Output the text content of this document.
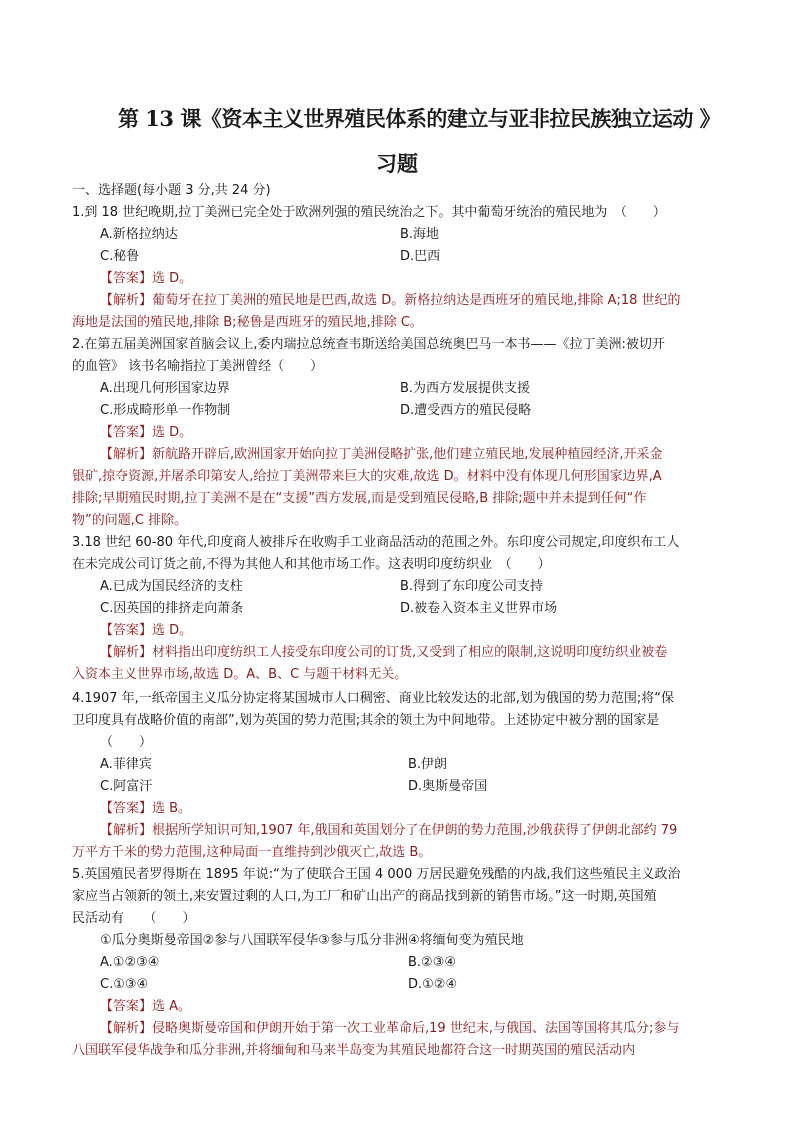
第 13 课《资本主义世界殖民体系的建立与亚非拉民族独立运动 》
习题
一、选择题(每小题 3 分,共 24 分)
1.到 18 世纪晚期,拉丁美洲已完全处于欧洲列强的殖民统治之下。其中葡萄牙统治的殖民地为　（　　）
A.新格拉纳达	B.海地
C.秘鲁	D.巴西
【答案】选 D。
【解析】葡萄牙在拉丁美洲的殖民地是巴西,故选 D。新格拉纳达是西班牙的殖民地,排除 A;18 世纪的
海地是法国的殖民地,排除 B;秘鲁是西班牙的殖民地,排除 C。
2.在第五届美洲国家首脑会议上,委内瑞拉总统查韦斯送给美国总统奥巴马一本书——《拉丁美洲:被切开
的血管》 该书名喻指拉丁美洲曾经（　　）
A.出现几何形国家边界	B.为西方发展提供支援
C.形成畸形单一作物制	D.遭受西方的殖民侵略
【答案】选 D。
【解析】新航路开辟后,欧洲国家开始向拉丁美洲侵略扩张,他们建立殖民地,发展种植园经济,开采金
银矿,掠夺资源,并屠杀印第安人,给拉丁美洲带来巨大的灾难,故选 D。材料中没有体现几何形国家边界,A
排除;早期殖民时期,拉丁美洲不是在“支援”西方发展,而是受到殖民侵略,B 排除;题中并未提到任何“作
物”的问题,C 排除。
3.18 世纪 60-80 年代,印度商人被排斥在收购手工业商品活动的范围之外。东印度公司规定,印度织布工人
在未完成公司订货之前,不得为其他人和其他市场工作。这表明印度纺织业　（　　）
A.已成为国民经济的支柱	B.得到了东印度公司支持
C.因英国的排挤走向萧条	D.被卷入资本主义世界市场
【答案】选 D。
【解析】材料指出印度纺织工人接受东印度公司的订货,又受到了相应的限制,这说明印度纺织业被卷
入资本主义世界市场,故选 D。A、B、C 与题干材料无关。
4.1907 年,一纸帝国主义瓜分协定将某国城市人口稠密、商业比较发达的北部,划为俄国的势力范围;将“保
卫印度具有战略价值的南部”,划为英国的势力范围;其余的领土为中间地带。上述协定中被分割的国家是
（　　）
A.菲律宾	B.伊朗
C.阿富汗	D.奥斯曼帝国
【答案】选 B。
【解析】根据所学知识可知,1907 年,俄国和英国划分了在伊朗的势力范围,沙俄获得了伊朗北部约 79
万平方千米的势力范围,这种局面一直维持到沙俄灭亡,故选 B。
5.英国殖民者罗得斯在 1895 年说:“为了使联合王国 4 000 万居民避免残酷的内战,我们这些殖民主义政治
家应当占领新的领土,来安置过剩的人口,为工厂和矿山出产的商品找到新的销售市场。”这一时期,英国殖
民活动有　　（　　）
①瓜分奥斯曼帝国②参与八国联军侵华③参与瓜分非洲④将缅甸变为殖民地
A.①②③④	B.②③④
C.①③④	D.①②④
【答案】选 A。
【解析】侵略奥斯曼帝国和伊朗开始于第一次工业革命后,19 世纪末,与俄国、法国等国将其瓜分;参与
八国联军侵华战争和瓜分非洲,并将缅甸和马来半岛变为其殖民地都符合这一时期英国的殖民活动内
